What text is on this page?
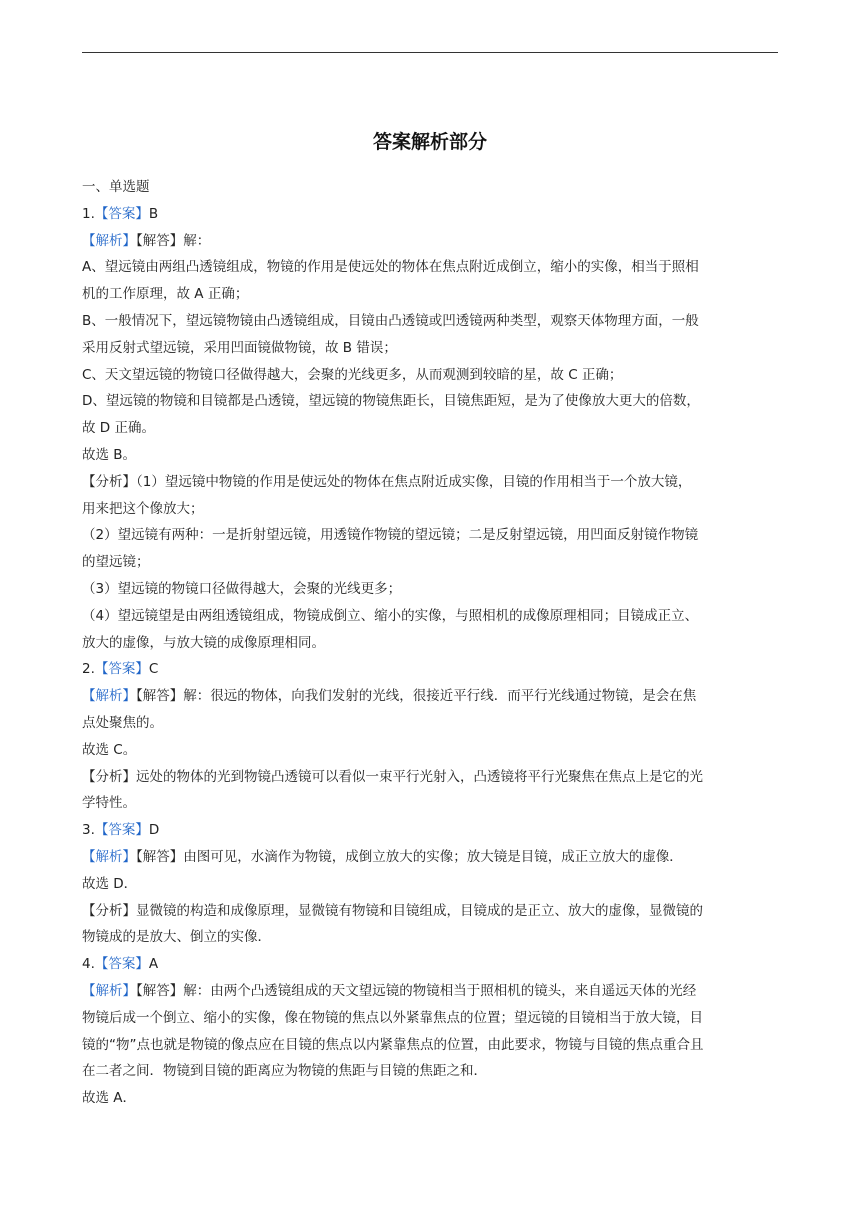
答案解析部分
一、单选题
1.【答案】B
【解析】【解答】解：
A、望远镜由两组凸透镜组成，物镜的作用是使远处的物体在焦点附近成倒立，缩小的实像，相当于照相
机的工作原理，故 A 正确；
B、一般情况下，望远镜物镜由凸透镜组成，目镜由凸透镜或凹透镜两种类型，观察天体物理方面，一般
采用反射式望远镜，采用凹面镜做物镜，故 B 错误；
C、天文望远镜的物镜口径做得越大，会聚的光线更多，从而观测到较暗的星，故 C 正确；
D、望远镜的物镜和目镜都是凸透镜，望远镜的物镜焦距长，目镜焦距短，是为了使像放大更大的倍数，
故 D 正确。
故选 B。
【分析】（1）望远镜中物镜的作用是使远处的物体在焦点附近成实像，目镜的作用相当于一个放大镜，
用来把这个像放大；
（2）望远镜有两种：一是折射望远镜，用透镜作物镜的望远镜；二是反射望远镜，用凹面反射镜作物镜
的望远镜；
（3）望远镜的物镜口径做得越大，会聚的光线更多；
（4）望远镜望是由两组透镜组成，物镜成倒立、缩小的实像，与照相机的成像原理相同；目镜成正立、
放大的虚像，与放大镜的成像原理相同。
2.【答案】C
【解析】【解答】解：很远的物体，向我们发射的光线，很接近平行线．而平行光线通过物镜，是会在焦
点处聚焦的。
故选 C。
【分析】远处的物体的光到物镜凸透镜可以看似一束平行光射入，凸透镜将平行光聚焦在焦点上是它的光
学特性。
3.【答案】D
【解析】【解答】由图可见，水滴作为物镜，成倒立放大的实像；放大镜是目镜，成正立放大的虚像．
故选 D．
【分析】显微镜的构造和成像原理，显微镜有物镜和目镜组成，目镜成的是正立、放大的虚像，显微镜的
物镜成的是放大、倒立的实像．
4.【答案】A
【解析】【解答】解：由两个凸透镜组成的天文望远镜的物镜相当于照相机的镜头，来自遥远天体的光经
物镜后成一个倒立、缩小的实像，像在物镜的焦点以外紧靠焦点的位置；望远镜的目镜相当于放大镜，目
镜的“物”点也就是物镜的像点应在目镜的焦点以内紧靠焦点的位置，由此要求，物镜与目镜的焦点重合且
在二者之间．物镜到目镜的距离应为物镜的焦距与目镜的焦距之和．
故选 A．
